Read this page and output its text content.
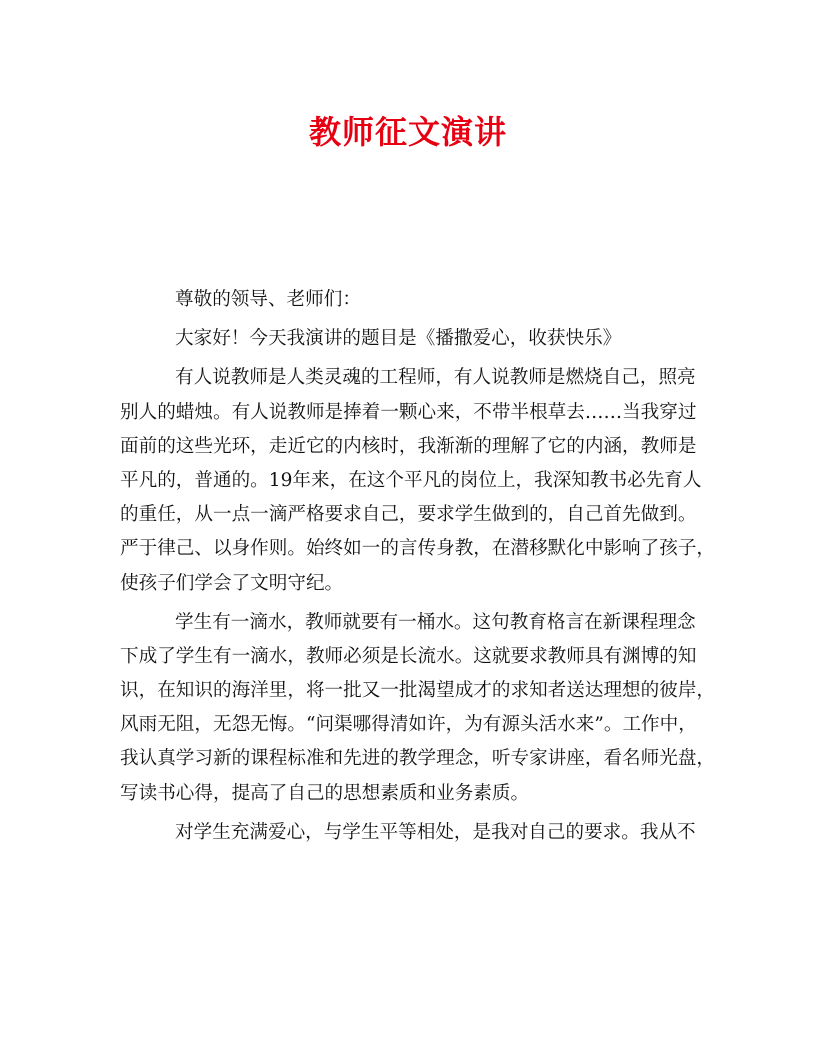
教师征文演讲
尊敬的领导、老师们：
大家好！今天我演讲的题目是《播撒爱心，收获快乐》
有人说教师是人类灵魂的工程师，有人说教师是燃烧自己，照亮
别人的蜡烛。有人说教师是捧着一颗心来，不带半根草去……当我穿过
面前的这些光环，走近它的内核时，我渐渐的理解了它的内涵，教师是
平凡的，普通的。19年来，在这个平凡的岗位上，我深知教书必先育人
的重任，从一点一滴严格要求自己，要求学生做到的，自己首先做到。
严于律己、以身作则。始终如一的言传身教，在潜移默化中影响了孩子，
使孩子们学会了文明守纪。
学生有一滴水，教师就要有一桶水。这句教育格言在新课程理念
下成了学生有一滴水，教师必须是长流水。这就要求教师具有渊博的知
识，在知识的海洋里，将一批又一批渴望成才的求知者送达理想的彼岸，
风雨无阻，无怨无悔。“问渠哪得清如许，为有源头活水来”。工作中，
我认真学习新的课程标准和先进的教学理念，听专家讲座，看名师光盘，
写读书心得，提高了自己的思想素质和业务素质。
对学生充满爱心，与学生平等相处，是我对自己的要求。我从不
